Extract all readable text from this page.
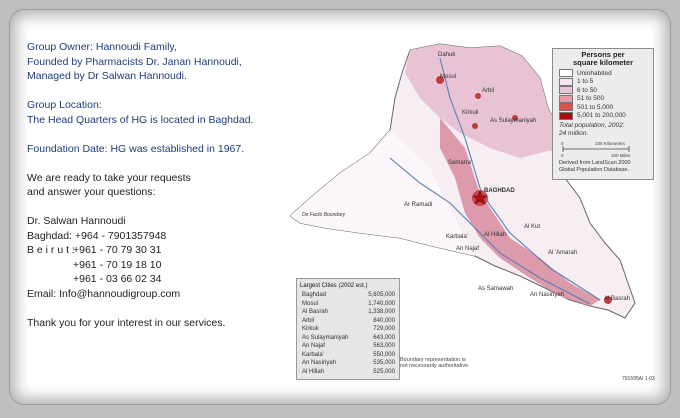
Group Owner: Hannoudi Family,

Founded by Pharmacists Dr. Janan Hannoudi,

Managed by Dr Salwan Hannoudi.

Group Location:

The Head Quarters of HG is located in Baghdad.

Foundation Date: HG was established in 1967.

We are ready to take your requests

and answer your questions:

Dr. Salwan Hannoudi

Baghdad: +964 - 7901357948

B e i r u t :+961 - 70 79 30 31

+961 - 70 19 18 10

+961 - 03 66 02 34

Email: Info@hannoudigroup.com

Thank you for your interest in our services.

Dahuk
Mosul
Arbil
Kirkuk
As Sulaymaniyah
Samarra'
BAGHDAD
Ar Ramadi
De Facto Boundary
Karbala'	Al Hillah
An Najaf
Al Kut
Al 'Amarah
As Samawah
An Nasiriyah
Al Basrah
Persons per
square kilometer
Uninhabited
1 to 5
6 to 50
51 to 500
501 to 5,000
5,001 to 200,000
Total population, 2002:
24 million.
0	100 Kilometers
0	100 Miles
Derived from LandScan 2000
Global Population Database.
Largest Cities (2002 est.)
Baghdad	5,605,000
Mosul	1,740,000
Al Basrah	1,338,000
Arbil	840,000
Kirkuk	729,000
As Sulaymaniyah	643,000
An Najaf	563,000
Karbala'	550,000
An Nasiriyah	535,000
Al Hillah	525,000
Boundary representation is
not necessarily authoritative.
791595AI 1-03
